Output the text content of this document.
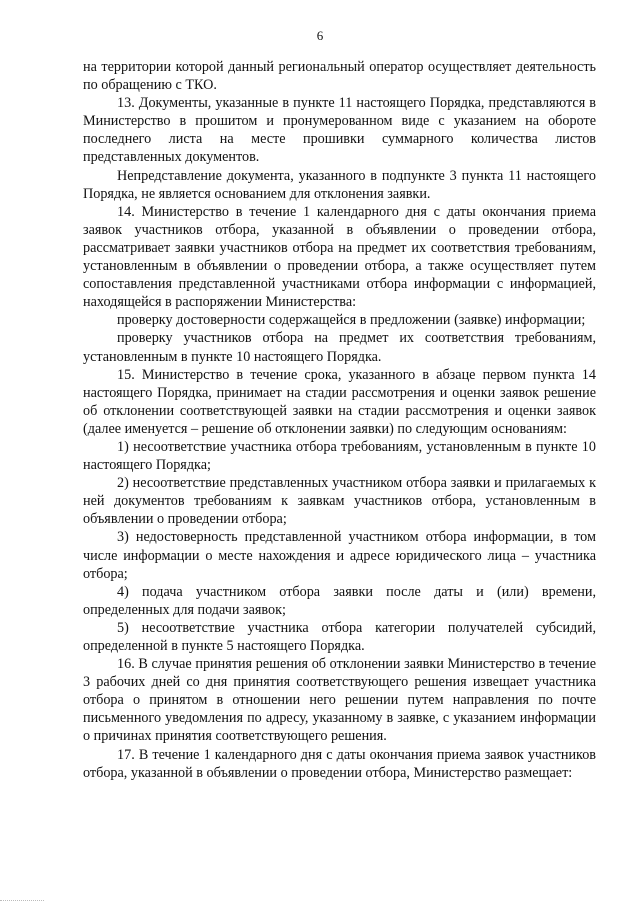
6

на территории которой данный региональный оператор осуществляет деятельность по обращению с ТКО.

13. Документы, указанные в пункте 11 настоящего Порядка, представляются в Министерство в прошитом и пронумерованном виде с указанием на обороте последнего листа на месте прошивки суммарного количества листов представленных документов.

Непредставление документа, указанного в подпункте 3 пункта 11 настоящего Порядка, не является основанием для отклонения заявки.

14. Министерство в течение 1 календарного дня с даты окончания приема заявок участников отбора, указанной в объявлении о проведении отбора, рассматривает заявки участников отбора на предмет их соответствия требованиям, установленным в объявлении о проведении отбора, а также осуществляет путем сопоставления представленной участниками отбора информации с информацией, находящейся в распоряжении Министерства:

проверку достоверности содержащейся в предложении (заявке) информации;

проверку участников отбора на предмет их соответствия требованиям, установленным в пункте 10 настоящего Порядка.

15. Министерство в течение срока, указанного в абзаце первом пункта 14 настоящего Порядка, принимает на стадии рассмотрения и оценки заявок решение об отклонении соответствующей заявки на стадии рассмотрения и оценки заявок (далее именуется – решение об отклонении заявки) по следующим основаниям:

1) несоответствие участника отбора требованиям, установленным в пункте 10 настоящего Порядка;

2) несоответствие представленных участником отбора заявки и прилагаемых к ней документов требованиям к заявкам участников отбора, установленным в объявлении о проведении отбора;

3) недостоверность представленной участником отбора информации, в том числе информации о месте нахождения и адресе юридического лица – участника отбора;

4) подача участником отбора заявки после даты и (или) времени, определенных для подачи заявок;

5) несоответствие участника отбора категории получателей субсидий, определенной в пункте 5 настоящего Порядка.

16. В случае принятия решения об отклонении заявки Министерство в течение 3 рабочих дней со дня принятия соответствующего решения извещает участника отбора о принятом в отношении него решении путем направления по почте письменного уведомления по адресу, указанному в заявке, с указанием информации о причинах принятия соответствующего решения.

17. В течение 1 календарного дня с даты окончания приема заявок участников отбора, указанной в объявлении о проведении отбора, Министерство размещает:
